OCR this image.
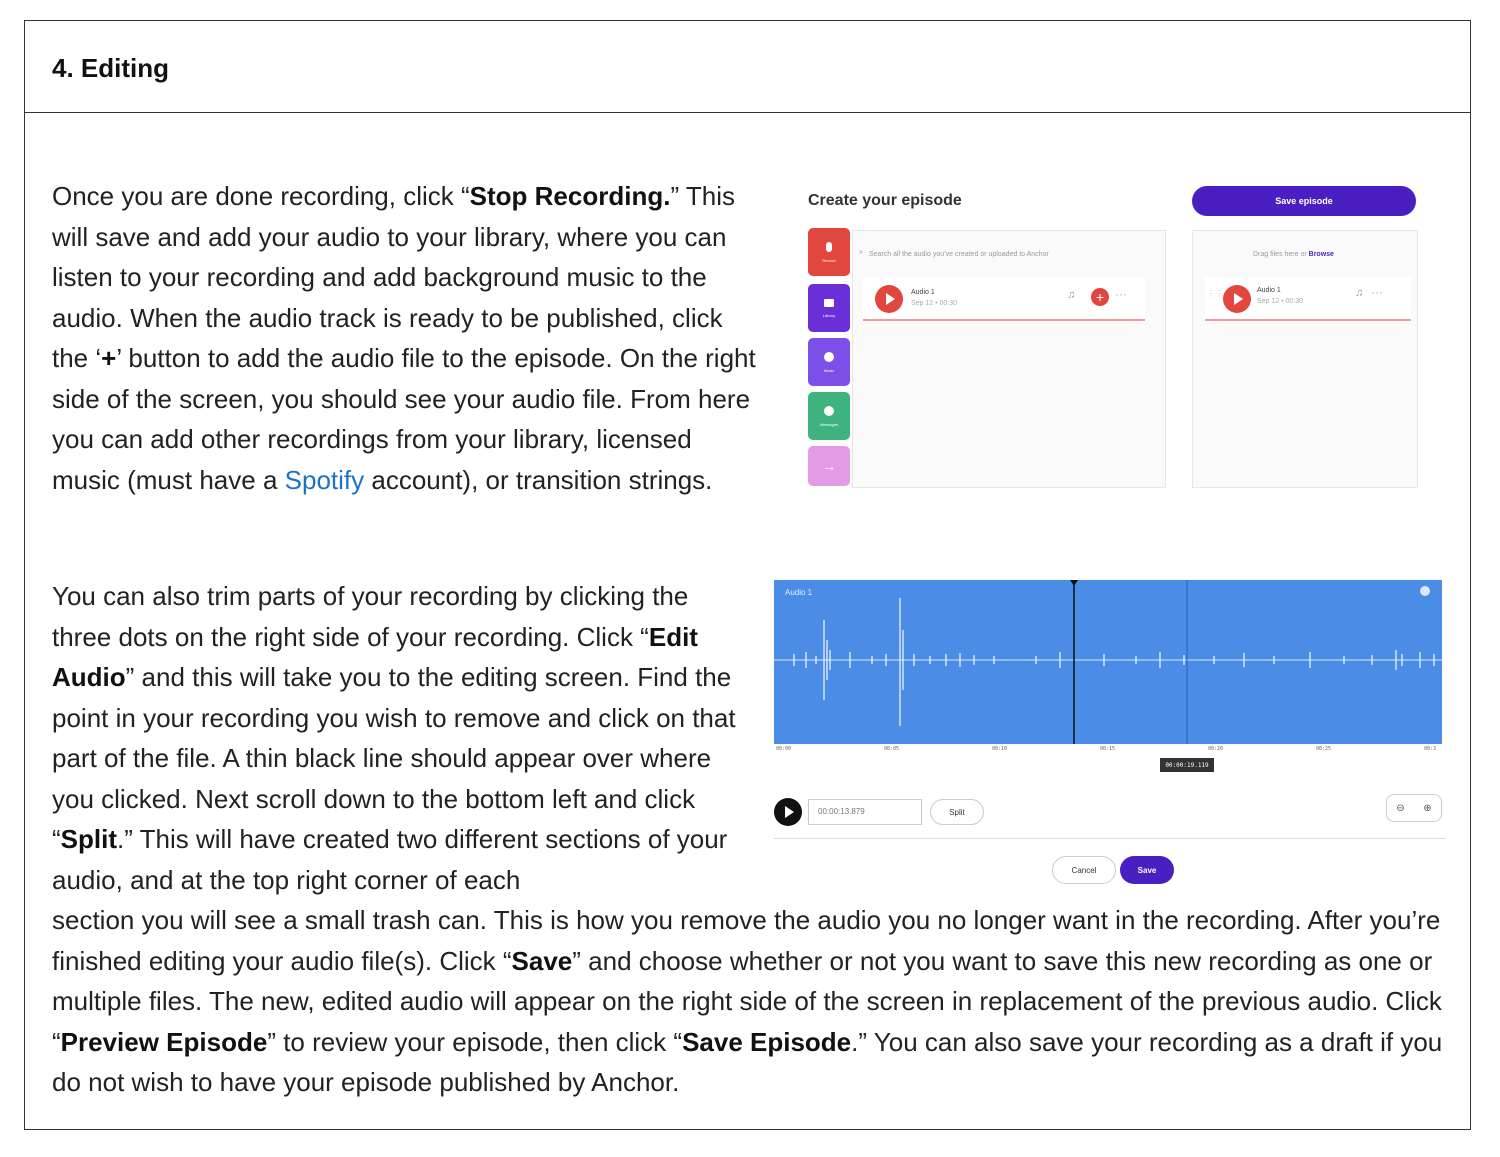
4. Editing

Once you are done recording, click “Stop Recording.” This will save and add your audio to your library, where you can listen to your recording and add background music to the audio. When the audio track is ready to be published, click the ‘+’ button to add the audio file to the episode. On the right side of the screen, you should see your audio file. From here you can add other recordings from your library, licensed music (must have a Spotify account), or transition strings.

You can also trim parts of your recording by clicking the three dots on the right side of your recording. Click “Edit Audio” and this will take you to the editing screen. Find the point in your recording you wish to remove and click on that part of the file. A thin black line should appear over where you clicked. Next scroll down to the bottom left and click “Split.” This will have created two different sections of your audio, and at the top right corner of each

section you will see a small trash can. This is how you remove the audio you no longer want in the recording. After you’re finished editing your audio file(s). Click “Save” and choose whether or not you want to save this new recording as one or multiple files. The new, edited audio will appear on the right side of the screen in replacement of the previous audio. Click “Preview Episode” to review your episode, then click “Save Episode.” You can also save your recording as a draft if you do not wish to have your episode published by Anchor.

Create your episode	Save episode
Record
Library
Music
Messages
→
⌕ Search all the audio you’ve created or uploaded to Anchor
Audio 1
Sep 12 • 00:30
♫	+ ···
Drag files here or Browse
⋮⋮	Audio 1
Sep 12 • 00:30
♫ ···
Audio 1
00:00	00:05	00:10	00:15	00:20	00:25	00:3
00:00:19.119
00:00:13.879	Split	⊖	⊕
Cancel	Save
